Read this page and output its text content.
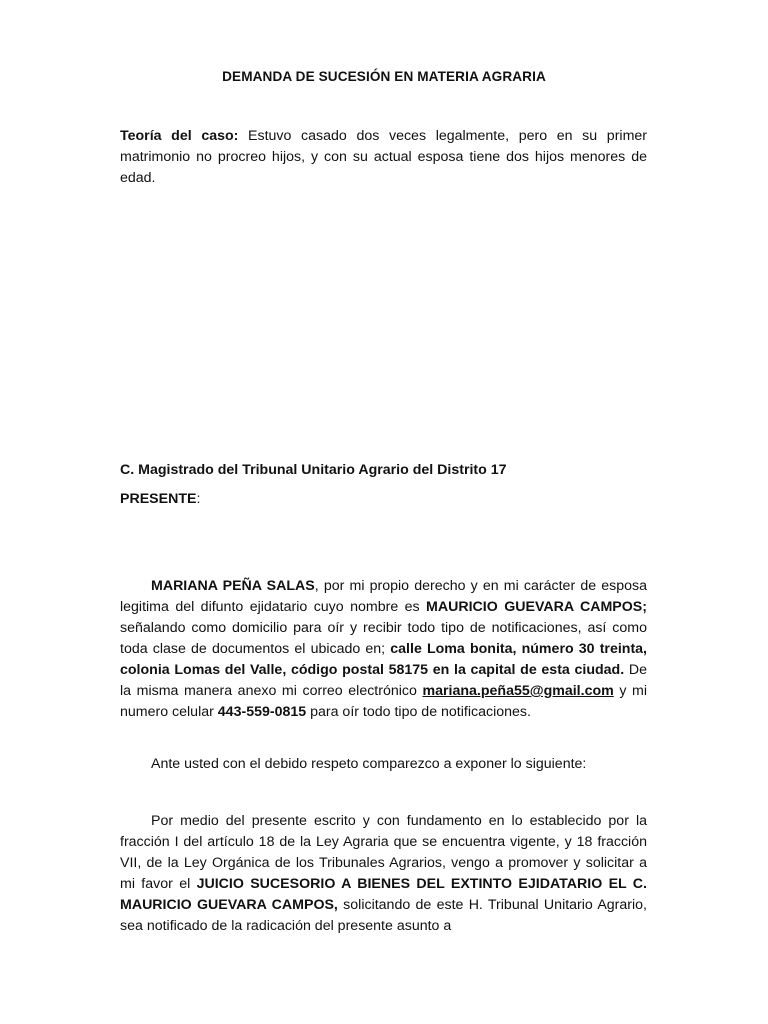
DEMANDA DE SUCESIÓN EN MATERIA AGRARIA

Teoría del caso: Estuvo casado dos veces legalmente, pero en su primer matrimonio no procreo hijos, y con su actual esposa tiene dos hijos menores de edad.

C. Magistrado del Tribunal Unitario Agrario del Distrito 17

PRESENTE:

MARIANA PEÑA SALAS, por mi propio derecho y en mi carácter de esposa legitima del difunto ejidatario cuyo nombre es MAURICIO GUEVARA CAMPOS; señalando como domicilio para oír y recibir todo tipo de notificaciones, así como toda clase de documentos el ubicado en; calle Loma bonita, número 30 treinta, colonia Lomas del Valle, código postal 58175 en la capital de esta ciudad. De la misma manera anexo mi correo electrónico mariana.peña55@gmail.com y mi numero celular 443-559-0815 para oír todo tipo de notificaciones.

Ante usted con el debido respeto comparezco a exponer lo siguiente:

Por medio del presente escrito y con fundamento en lo establecido por la fracción I del artículo 18 de la Ley Agraria que se encuentra vigente, y 18 fracción VII, de la Ley Orgánica de los Tribunales Agrarios, vengo a promover y solicitar a mi favor el JUICIO SUCESORIO A BIENES DEL EXTINTO EJIDATARIO EL C. MAURICIO GUEVARA CAMPOS, solicitando de este H. Tribunal Unitario Agrario, sea notificado de la radicación del presente asunto a
